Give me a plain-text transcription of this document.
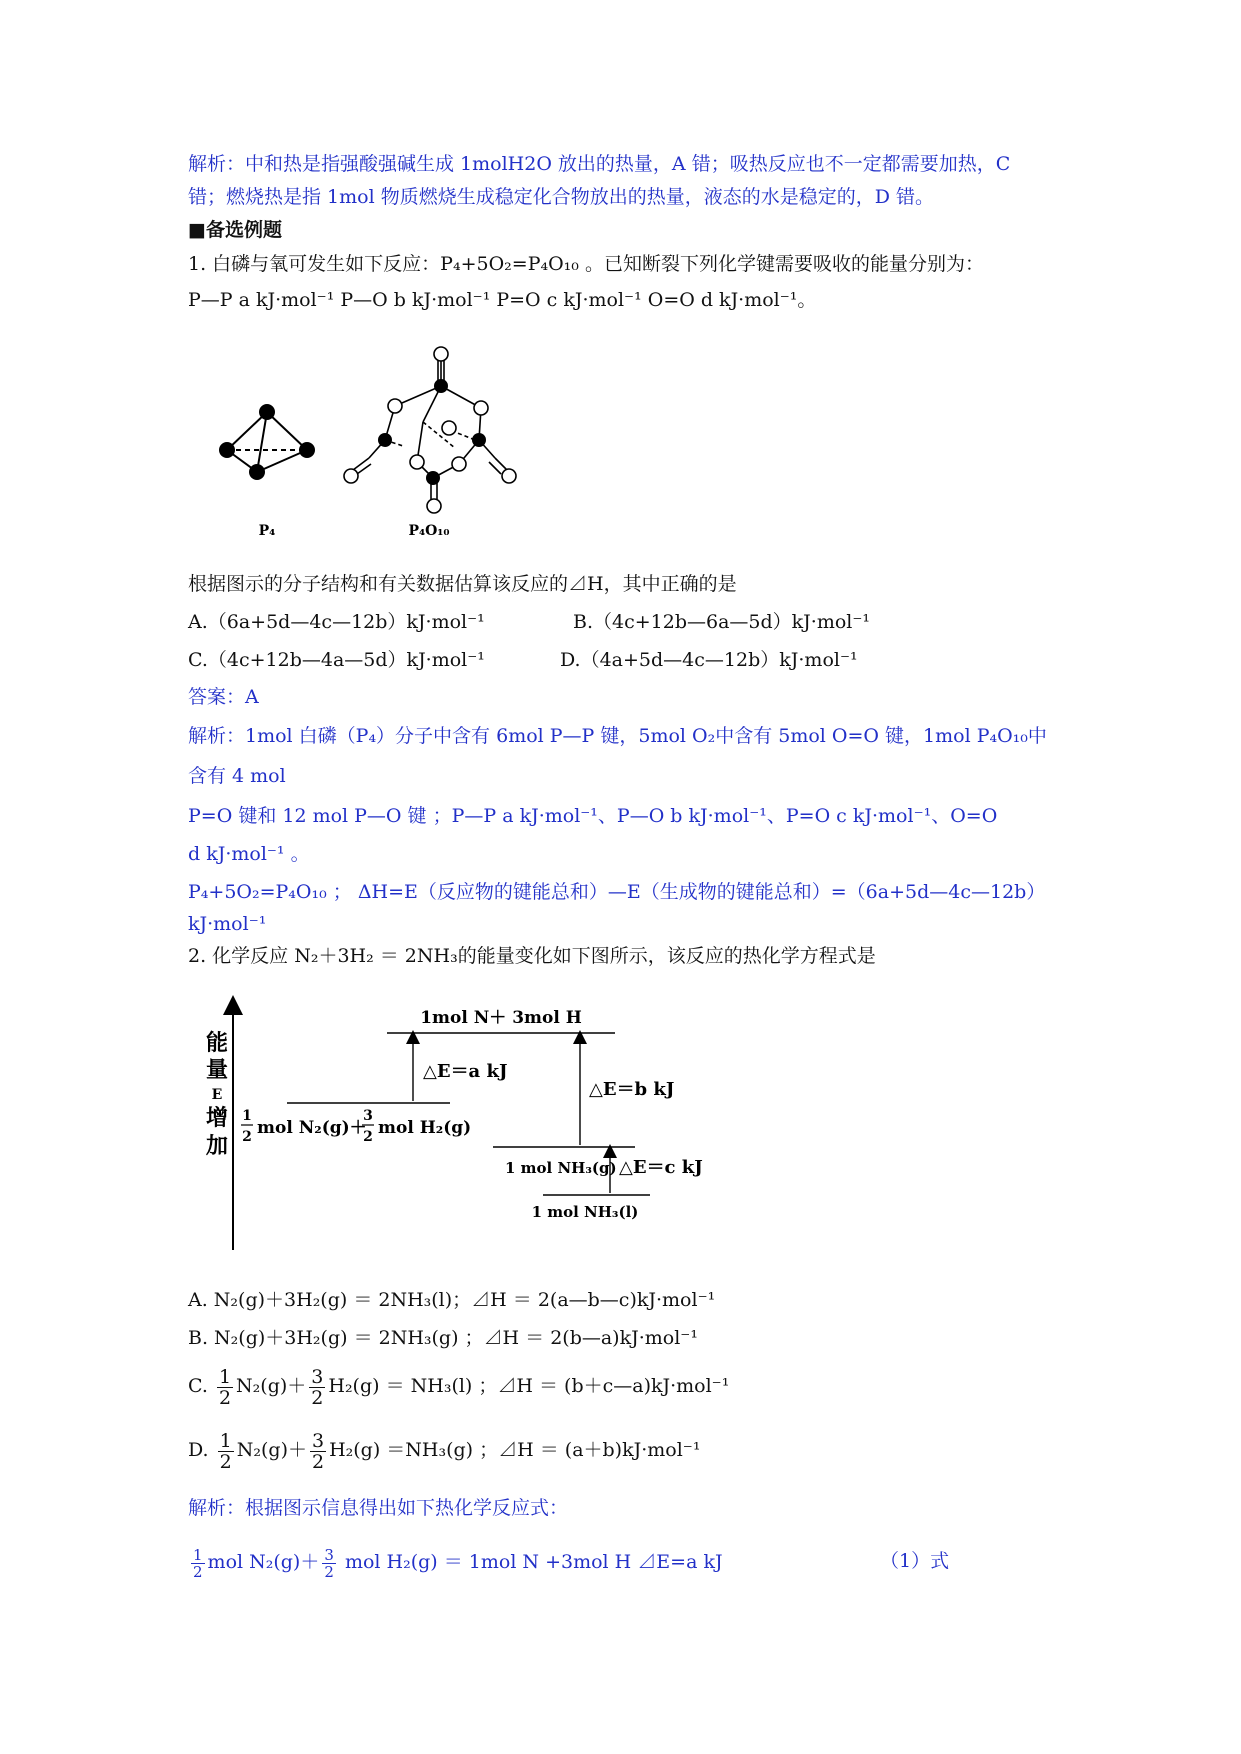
解析：中和热是指强酸强碱生成 1molH2O 放出的热量，A 错；吸热反应也不一定都需要加热，C
错；燃烧热是指 1mol 物质燃烧生成稳定化合物放出的热量，液态的水是稳定的，D 错。
■备选例题
1. 白磷与氧可发生如下反应：P₄+5O₂=P₄O₁₀ 。已知断裂下列化学键需要吸收的能量分别为：
P—P a kJ·mol⁻¹ P—O b kJ·mol⁻¹ P=O c kJ·mol⁻¹ O=O d kJ·mol⁻¹。
P₄	P₄O₁₀
根据图示的分子结构和有关数据估算该反应的⊿H，其中正确的是
A.（6a+5d—4c—12b）kJ·mol⁻¹	B.（4c+12b—6a—5d）kJ·mol⁻¹
C.（4c+12b—4a—5d）kJ·mol⁻¹	D.（4a+5d—4c—12b）kJ·mol⁻¹
答案：A
解析：1mol 白磷（P₄）分子中含有 6mol P—P 键，5mol O₂中含有 5mol O=O 键，1mol P₄O₁₀中
含有 4 mol
P=O 键和 12 mol P—O 键 ；P—P a kJ·mol⁻¹、P—O b kJ·mol⁻¹、P=O c kJ·mol⁻¹、O=O
d kJ·mol⁻¹ 。
P₄+5O₂=P₄O₁₀ ； ΔH=E（反应物的键能总和）—E（生成物的键能总和）=（6a+5d—4c—12b）
kJ·mol⁻¹
2. 化学反应 N₂＋3H₂ ＝ 2NH₃的能量变化如下图所示，该反应的热化学方程式是
能
量
E
增
加
1mol N＋ 3mol H
1
2 mol N₂(g)＋
3
2 mol H₂(g)
△E＝a kJ
△E＝b kJ
1 mol NH₃(g) △E＝c kJ
1 mol NH₃(l)
A. N₂(g)＋3H₂(g) ＝ 2NH₃(l)；⊿H ＝ 2(a—b—c)kJ·mol⁻¹
B. N₂(g)＋3H₂(g) ＝ 2NH₃(g) ；⊿H ＝ 2(b—a)kJ·mol⁻¹
C. $\frac{1}{2} N_2(g)+ \frac{3}{2} H_2(g) = NH_3(l)$ ；⊿H ＝ (b＋c—a)kJ·mol⁻¹
D. $\frac{1}{2} N_2(g)+ \frac{3}{2} H_2(g) =NH_3(g)$ ；⊿H ＝ (a＋b)kJ·mol⁻¹
解析：根据图示信息得出如下热化学反应式：
$\frac{1}{2}$ mol $N_2(g)+ \frac{3}{2}$ mol H₂(g) ＝ 1mol N +3mol H ⊿E=a kJ	（1）式
